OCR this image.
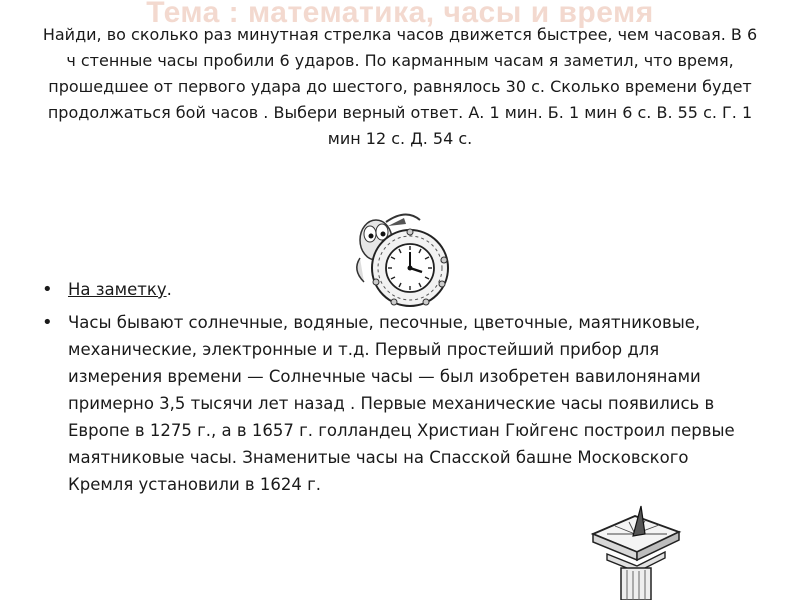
Тема : математика, часы и время

Найди, во сколько раз минутная стрелка часов движется быстрее, чем часовая. В 6 ч стенные часы пробили 6 ударов. По карманным часам я заметил, что время, прошедшее от первого удара до шестого, равнялось 30 с. Сколько времени будет продолжаться бой часов . Выбери верный ответ. А. 1 мин. Б. 1 мин 6 с. В. 55 с. Г. 1 мин 12 с. Д. 54 с.

• На заметку.
• Часы бывают солнечные, водяные, песочные, цветочные, маятниковые, механические, электронные и т.д. Первый простейший прибор для измерения времени — Солнечные часы — был изобретен вавилонянами примерно 3,5 тысячи лет назад . Первые механические часы появились в Европе в 1275 г., а в 1657 г. голландец Христиан Гюйгенс построил первые маятниковые часы. Знаменитые часы на Спасской башне Московского Кремля установили в 1624 г.
